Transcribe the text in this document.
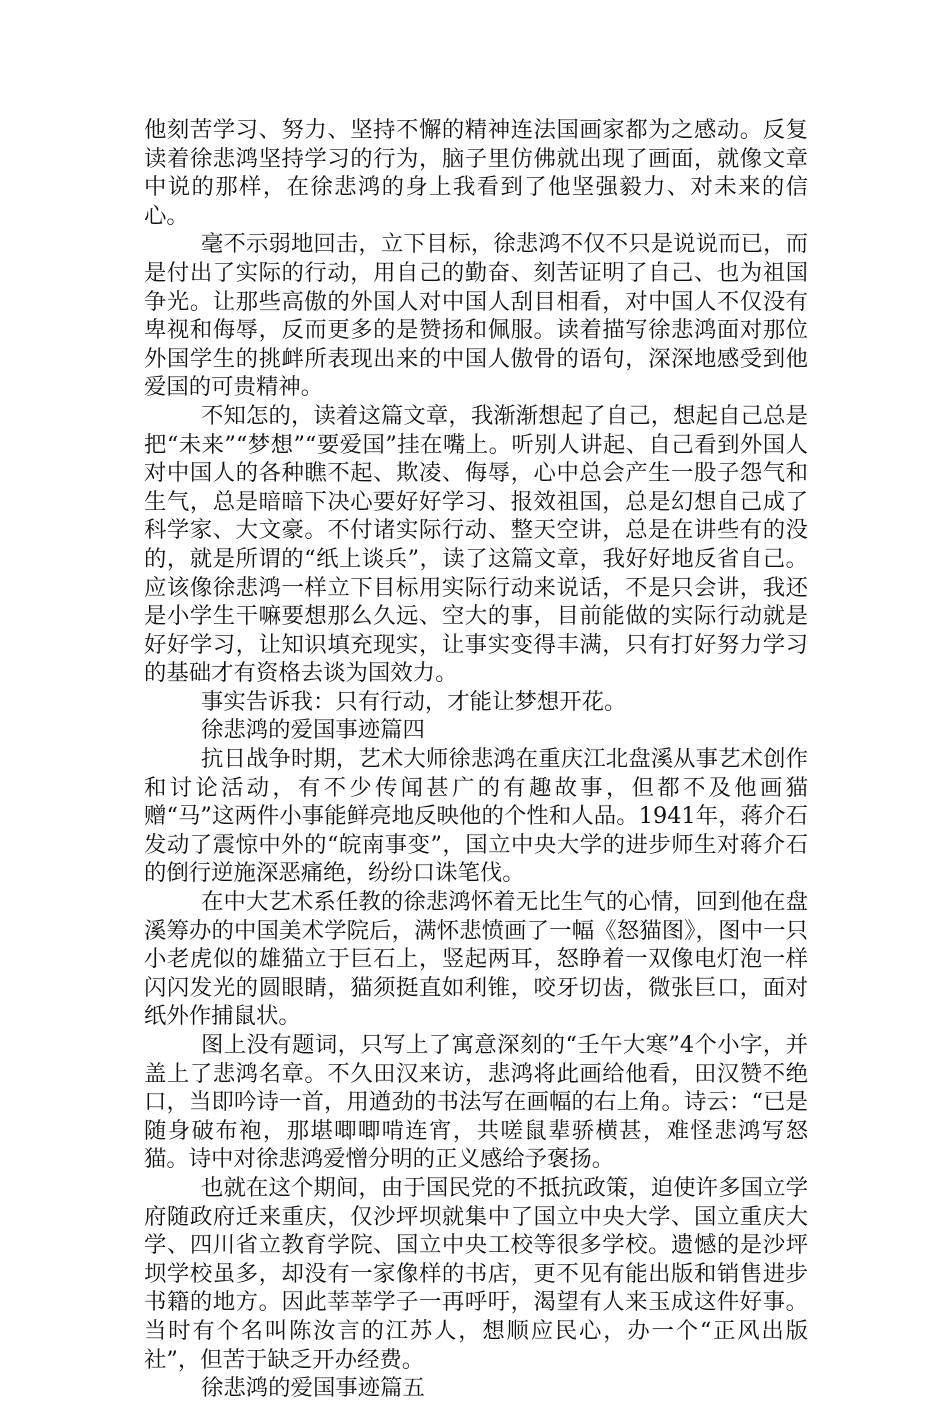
他刻苦学习、努力、坚持不懈的精神连法国画家都为之感动。反复读着徐悲鸿坚持学习的行为，脑子里仿佛就出现了画面，就像文章中说的那样，在徐悲鸿的身上我看到了他坚强毅力、对未来的信心。

毫不示弱地回击，立下目标，徐悲鸿不仅不只是说说而已，而是付出了实际的行动，用自己的勤奋、刻苦证明了自己、也为祖国争光。让那些高傲的外国人对中国人刮目相看，对中国人不仅没有卑视和侮辱，反而更多的是赞扬和佩服。读着描写徐悲鸿面对那位外国学生的挑衅所表现出来的中国人傲骨的语句，深深地感受到他爱国的可贵精神。

不知怎的，读着这篇文章，我渐渐想起了自己，想起自己总是把“未来”“梦想”“要爱国”挂在嘴上。听别人讲起、自己看到外国人对中国人的各种瞧不起、欺凌、侮辱，心中总会产生一股子怨气和生气，总是暗暗下决心要好好学习、报效祖国，总是幻想自己成了科学家、大文豪。不付诸实际行动、整天空讲，总是在讲些有的没的，就是所谓的“纸上谈兵”，读了这篇文章，我好好地反省自己。应该像徐悲鸿一样立下目标用实际行动来说话，不是只会讲，我还是小学生干嘛要想那么久远、空大的事，目前能做的实际行动就是好好学习，让知识填充现实，让事实变得丰满，只有打好努力学习的基础才有资格去谈为国效力。

事实告诉我：只有行动，才能让梦想开花。

徐悲鸿的爱国事迹篇四

抗日战争时期，艺术大师徐悲鸿在重庆江北盘溪从事艺术创作和讨论活动，有不少传闻甚广的有趣故事，但都不及他画猫赠“马”这两件小事能鲜亮地反映他的个性和人品。1941年，蒋介石发动了震惊中外的“皖南事变”，国立中央大学的进步师生对蒋介石的倒行逆施深恶痛绝，纷纷口诛笔伐。

在中大艺术系任教的徐悲鸿怀着无比生气的心情，回到他在盘溪筹办的中国美术学院后，满怀悲愤画了一幅《怒猫图》，图中一只小老虎似的雄猫立于巨石上，竖起两耳，怒睁着一双像电灯泡一样闪闪发光的圆眼睛，猫须挺直如利锥，咬牙切齿，微张巨口，面对纸外作捕鼠状。

图上没有题词，只写上了寓意深刻的“壬午大寒”4个小字，并盖上了悲鸿名章。不久田汉来访，悲鸿将此画给他看，田汉赞不绝口，当即吟诗一首，用遒劲的书法写在画幅的右上角。诗云：“已是随身破布袍，那堪唧唧啃连宵，共嗟鼠辈骄横甚，难怪悲鸿写怒猫。诗中对徐悲鸿爱憎分明的正义感给予褒扬。

也就在这个期间，由于国民党的不抵抗政策，迫使许多国立学府随政府迁来重庆，仅沙坪坝就集中了国立中央大学、国立重庆大学、四川省立教育学院、国立中央工校等很多学校。遗憾的是沙坪坝学校虽多，却没有一家像样的书店，更不见有能出版和销售进步书籍的地方。因此莘莘学子一再呼吁，渴望有人来玉成这件好事。当时有个名叫陈汝言的江苏人，想顺应民心，办一个“正风出版社”，但苦于缺乏开办经费。

徐悲鸿的爱国事迹篇五
